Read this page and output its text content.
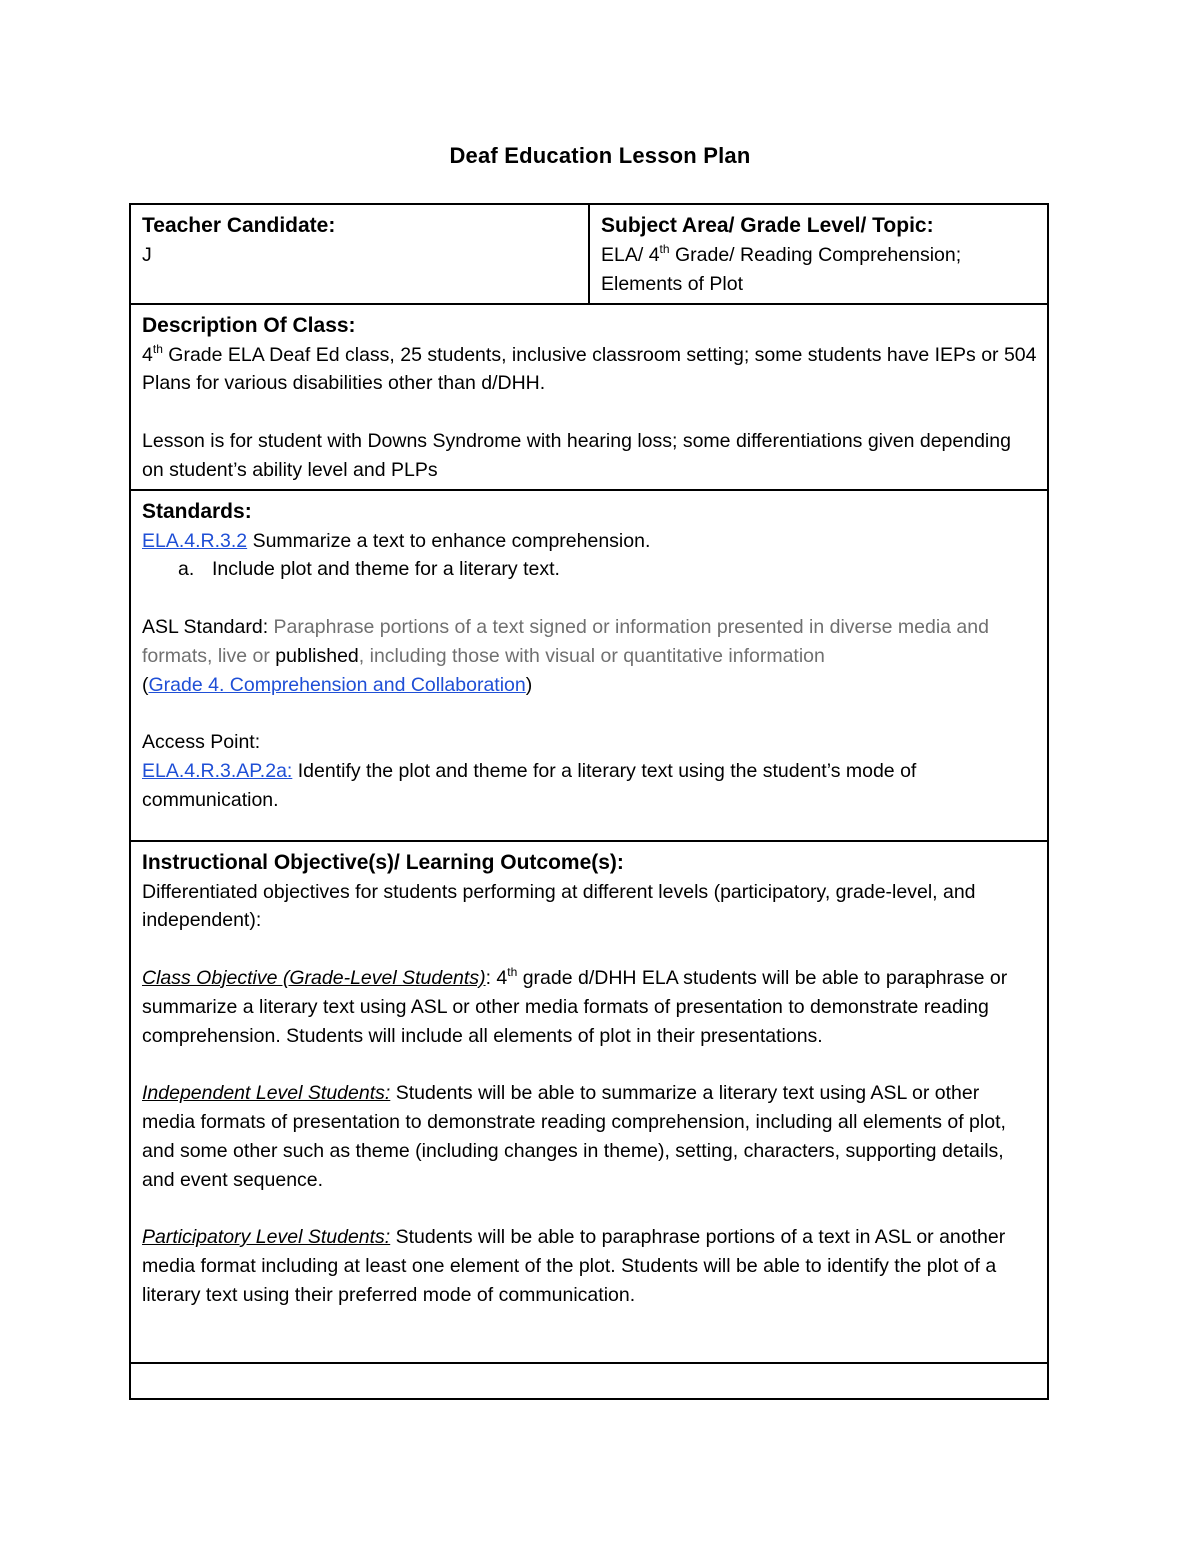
Deaf Education Lesson Plan
Teacher Candidate:
J

Subject Area/ Grade Level/ Topic:
ELA/ 4th Grade/ Reading Comprehension;
Elements of Plot

Description Of Class:

4th Grade ELA Deaf Ed class, 25 students, inclusive classroom setting; some students have IEPs or 504 Plans for various disabilities other than d/DHH.

Lesson is for student with Downs Syndrome with hearing loss; some differentiations given depending on student’s ability level and PLPs

Standards:

ELA.4.R.3.2 Summarize a text to enhance comprehension.

a. Include plot and theme for a literary text.

ASL Standard: Paraphrase portions of a text signed or information presented in diverse media and formats, live or published, including those with visual or quantitative information

(Grade 4. Comprehension and Collaboration)

Access Point:

ELA.4.R.3.AP.2a: Identify the plot and theme for a literary text using the student’s mode of communication.

Instructional Objective(s)/ Learning Outcome(s):

Differentiated objectives for students performing at different levels (participatory, grade-level, and independent):

Class Objective (Grade-Level Students): 4th grade d/DHH ELA students will be able to paraphrase or summarize a literary text using ASL or other media formats of presentation to demonstrate reading comprehension. Students will include all elements of plot in their presentations.

Independent Level Students: Students will be able to summarize a literary text using ASL or other media formats of presentation to demonstrate reading comprehension, including all elements of plot, and some other such as theme (including changes in theme), setting, characters, supporting details, and event sequence.

Participatory Level Students: Students will be able to paraphrase portions of a text in ASL or another media format including at least one element of the plot. Students will be able to identify the plot of a literary text using their preferred mode of communication.
